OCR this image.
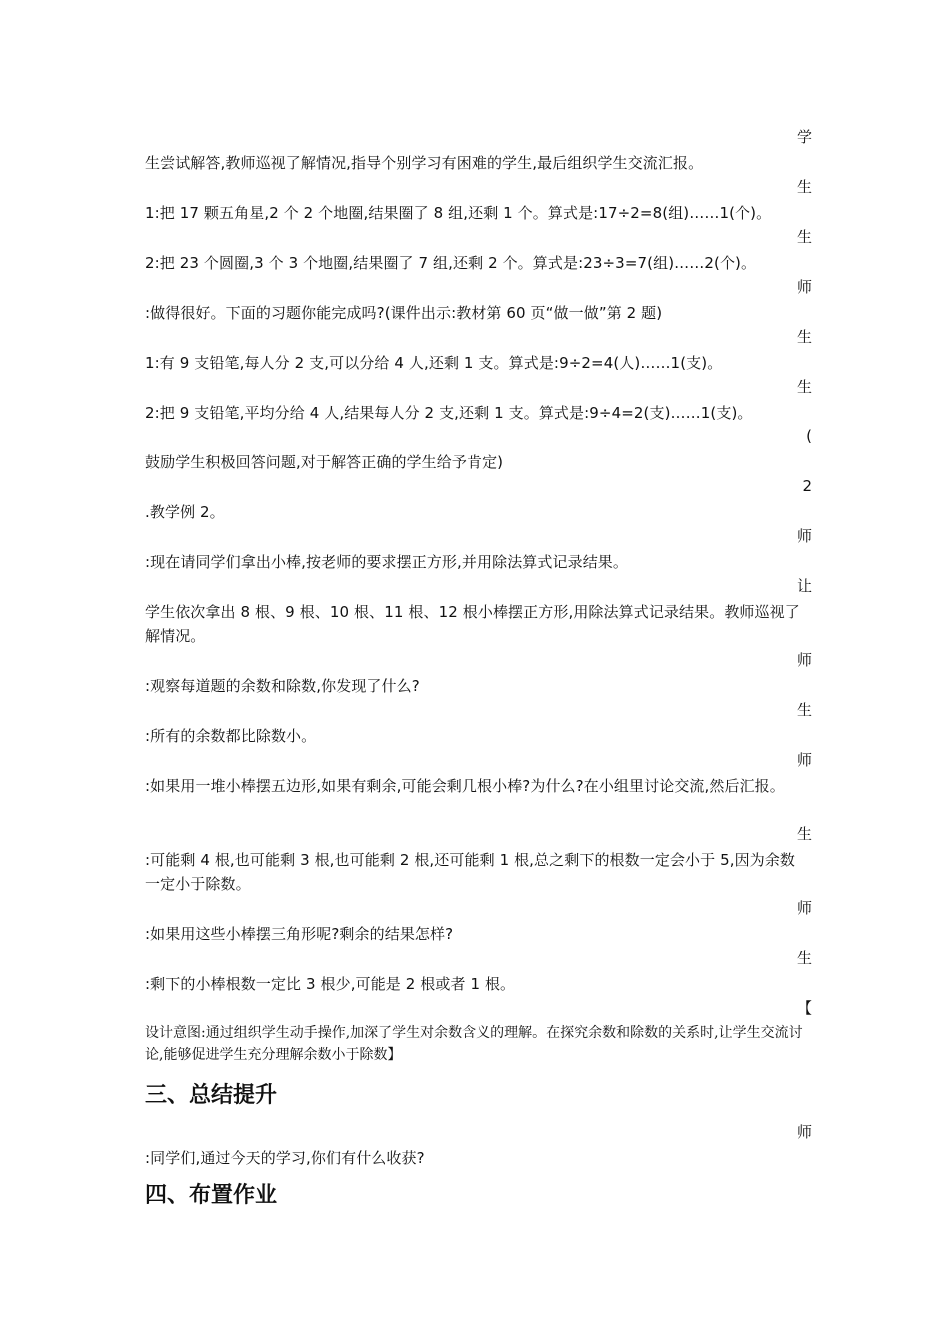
学
生尝试解答,教师巡视了解情况,指导个别学习有困难的学生,最后组织学生交流汇报。
生
1:把 17 颗五角星,2 个 2 个地圈,结果圈了 8 组,还剩 1 个。算式是:17÷2=8(组)……1(个)。
生
2:把 23 个圆圈,3 个 3 个地圈,结果圈了 7 组,还剩 2 个。算式是:23÷3=7(组)……2(个)。
师
:做得很好。下面的习题你能完成吗?(课件出示:教材第 60 页“做一做”第 2 题)
生
1:有 9 支铅笔,每人分 2 支,可以分给 4 人,还剩 1 支。算式是:9÷2=4(人)……1(支)。
生
2:把 9 支铅笔,平均分给 4 人,结果每人分 2 支,还剩 1 支。算式是:9÷4=2(支)……1(支)。
(
鼓励学生积极回答问题,对于解答正确的学生给予肯定)
2
.教学例 2。
师
:现在请同学们拿出小棒,按老师的要求摆正方形,并用除法算式记录结果。
让
学生依次拿出 8 根、9 根、10 根、11 根、12 根小棒摆正方形,用除法算式记录结果。教师巡视了解情况。
师
:观察每道题的余数和除数,你发现了什么?
生
:所有的余数都比除数小。
师
:如果用一堆小棒摆五边形,如果有剩余,可能会剩几根小棒?为什么?在小组里讨论交流,然后汇报。
生
:可能剩 4 根,也可能剩 3 根,也可能剩 2 根,还可能剩 1 根,总之剩下的根数一定会小于 5,因为余数一定小于除数。
师
:如果用这些小棒摆三角形呢?剩余的结果怎样?
生
:剩下的小棒根数一定比 3 根少,可能是 2 根或者 1 根。
【
设计意图:通过组织学生动手操作,加深了学生对余数含义的理解。在探究余数和除数的关系时,让学生交流讨论,能够促进学生充分理解余数小于除数】
三、总结提升
师
:同学们,通过今天的学习,你们有什么收获?
四、布置作业
